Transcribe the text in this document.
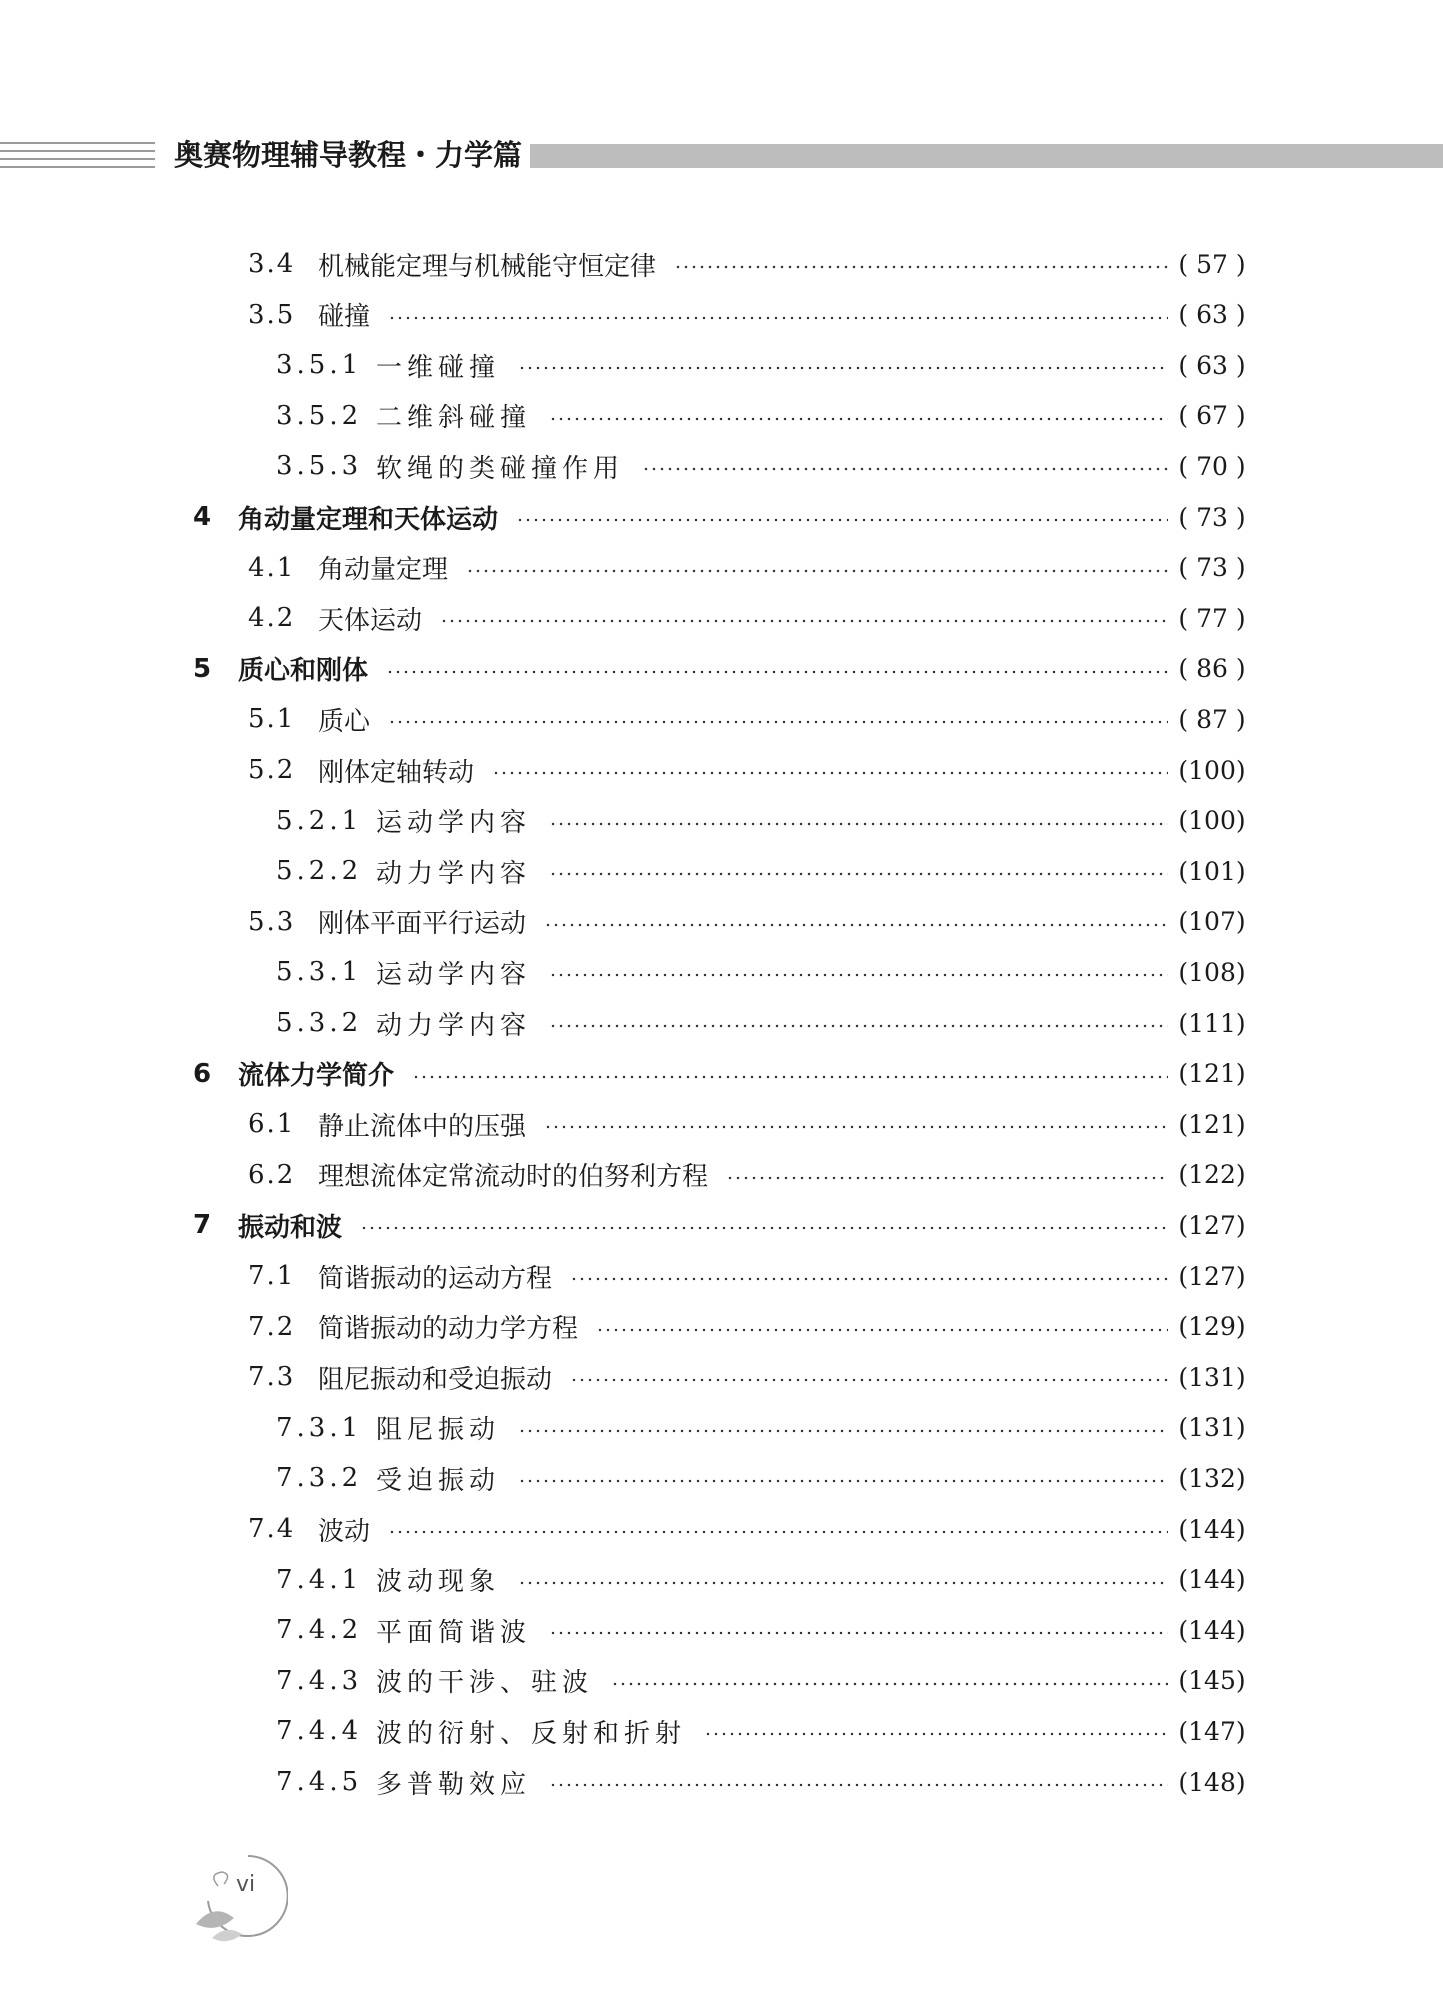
奥赛物理辅导教程・力学篇
3.4 机械能定理与机械能守恒定律	( 57 )
3.5 碰撞	( 63 )
3.5.1 一维碰撞	( 63 )
3.5.2 二维斜碰撞	( 67 )
3.5.3 软绳的类碰撞作用	( 70 )
4	角动量定理和天体运动	( 73 )
4.1 角动量定理	( 73 )
4.2 天体运动	( 77 )
5	质心和刚体	( 86 )
5.1 质心	( 87 )
5.2 刚体定轴转动	(100)
5.2.1 运动学内容	(100)
5.2.2 动力学内容	(101)
5.3 刚体平面平行运动	(107)
5.3.1 运动学内容	(108)
5.3.2 动力学内容	(111)
6	流体力学简介	(121)
6.1 静止流体中的压强	(121)
6.2 理想流体定常流动时的伯努利方程	(122)
7	振动和波	(127)
7.1 简谐振动的运动方程	(127)
7.2 简谐振动的动力学方程	(129)
7.3 阻尼振动和受迫振动	(131)
7.3.1 阻尼振动	(131)
7.3.2 受迫振动	(132)
7.4 波动	(144)
7.4.1 波动现象	(144)
7.4.2 平面简谐波	(144)
7.4.3 波的干涉、驻波	(145)
7.4.4 波的衍射、反射和折射	(147)
7.4.5 多普勒效应	(148)
vi
